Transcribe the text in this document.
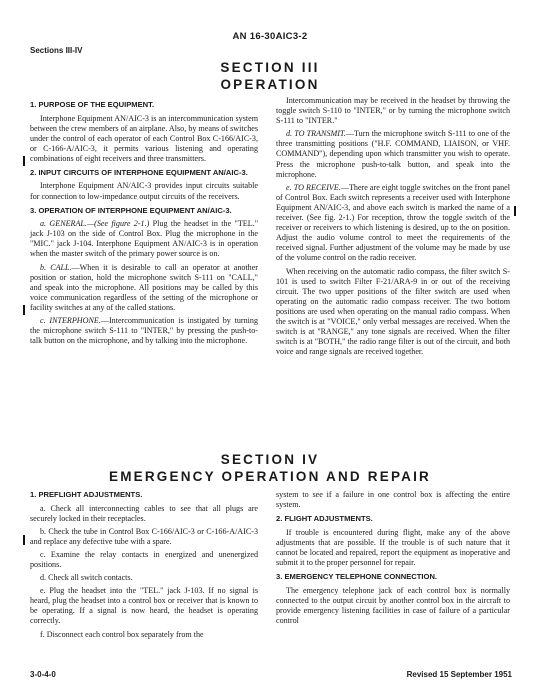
AN 16-30AIC3-2
Sections III-IV
SECTION III
OPERATION
1. PURPOSE OF THE EQUIPMENT.

Interphone Equipment AN/AIC-3 is an intercommunication system between the crew members of an airplane. Also, by means of switches under the control of each operator of each Control Box C-166/AIC-3, or C-166-A/AIC-3, it permits various listening and operating combinations of eight receivers and three transmitters.

2. INPUT CIRCUITS OF INTERPHONE EQUIPMENT AN/AIC-3.

Interphone Equipment AN/AIC-3 provides input circuits suitable for connection to low-impedance output circuits of the receivers.

3. OPERATION OF INTERPHONE EQUIPMENT AN/AIC-3.

a. GENERAL.—(See figure 2-1.) Plug the headset in the "TEL." jack J-103 on the side of Control Box. Plug the microphone in the "MIC." jack J-104. Interphone Equipment AN/AIC-3 is in operation when the master switch of the primary power source is on.

b. CALL.—When it is desirable to call an operator at another position or station, hold the microphone switch S-111 on "CALL," and speak into the microphone. All positions may be called by this voice communication regardless of the setting of the microphone or facility switches at any of the called stations.

c. INTERPHONE.—Intercommunication is instigated by turning the microphone switch S-111 to "INTER," by pressing the push-to-talk button on the microphone, and by talking into the microphone.

Intercommunication may be received in the headset by throwing the toggle switch S-110 to "INTER," or by turning the microphone switch S-111 to "INTER."

d. TO TRANSMIT.—Turn the microphone switch S-111 to one of the three transmitting positions ("H.F. COMMAND, LIAISON, or VHF. COMMAND"), depending upon which transmitter you wish to operate. Press the microphone push-to-talk button, and speak into the microphone.

e. TO RECEIVE.—There are eight toggle switches on the front panel of Control Box. Each switch represents a receiver used with Interphone Equipment AN/AIC-3, and above each switch is marked the name of a receiver. (See fig. 2-1.) For reception, throw the toggle switch of the receiver or receivers to which listening is desired, up to the on position. Adjust the audio volume control to meet the requirements of the received signal. Further adjustment of the volume may be made by use of the volume control on the radio receiver.

When receiving on the automatic radio compass, the filter switch S-101 is used to switch Filter F-21/ARA-9 in or out of the receiving circuit. The two upper positions of the filter switch are used when operating on the automatic radio compass receiver. The two bottom positions are used when operating on the manual radio compass. When the switch is at "VOICE," only verbal messages are received. When the switch is at "RANGE," any tone signals are received. When the filter switch is at "BOTH," the radio range filter is out of the circuit, and both voice and range signals are received together.

SECTION IV
EMERGENCY OPERATION AND REPAIR
1. PREFLIGHT ADJUSTMENTS.

a. Check all interconnecting cables to see that all plugs are securely locked in their receptacles.

b. Check the tube in Control Box C-166/AIC-3 or C-166-A/AIC-3 and replace any defective tube with a spare.

c. Examine the relay contacts in energized and unenergized positions.

d. Check all switch contacts.

e. Plug the headset into the "TEL." jack J-103. If no signal is heard, plug the headset into a control box or receiver that is known to be operating. If a signal is now heard, the headset is operating correctly.

f. Disconnect each control box separately from the

system to see if a failure in one control box is affecting the entire system.

2. FLIGHT ADJUSTMENTS.

If trouble is encountered during flight, make any of the above adjustments that are possible. If the trouble is of such nature that it cannot be located and repaired, report the equipment as inoperative and submit it to the proper personnel for repair.

3. EMERGENCY TELEPHONE CONNECTION.

The emergency telephone jack of each control box is normally connected to the output circuit by another control box in the aircraft to provide emergency listening facilities in case of failure of a particular control

3-0-4-0	Revised 15 September 1951
